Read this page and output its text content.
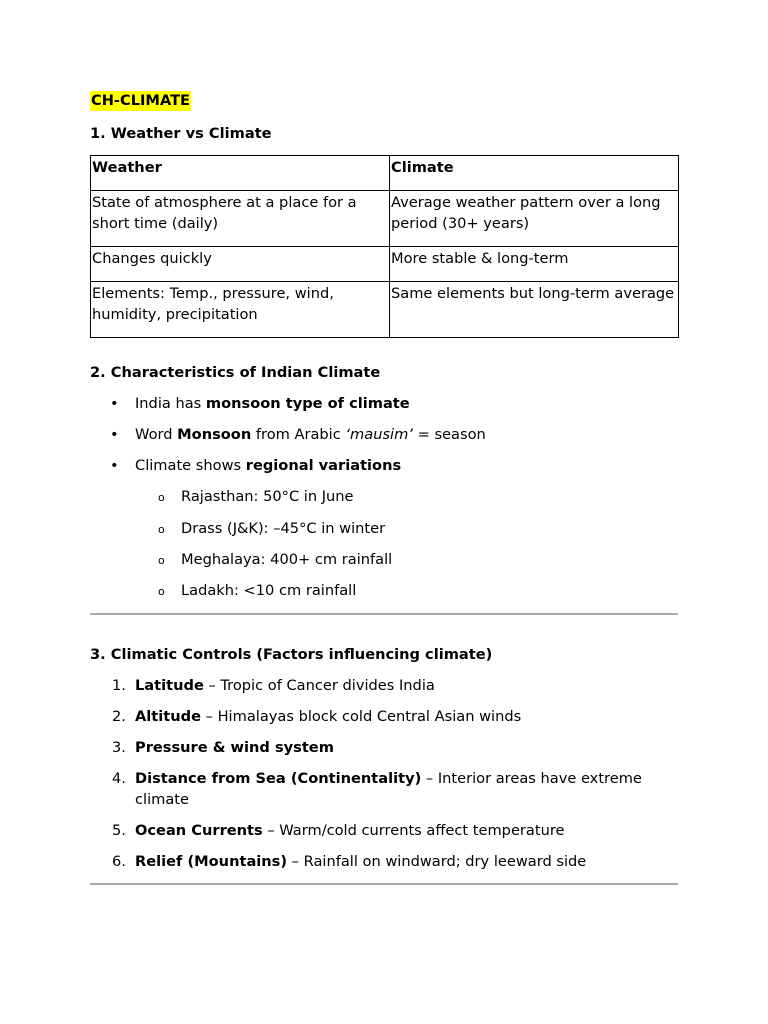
CH-CLIMATE
1. Weather vs Climate
Weather	Climate
State of atmosphere at a place for a short time (daily)	Average weather pattern over a long period (30+ years)
Changes quickly	More stable & long-term
Elements: Temp., pressure, wind, humidity, precipitation	Same elements but long-term average
2. Characteristics of Indian Climate
• India has monsoon type of climate
• Word Monsoon from Arabic ‘mausim’ = season
• Climate shows regional variations
o Rajasthan: 50°C in June
o Drass (J&K): –45°C in winter
o Meghalaya: 400+ cm rainfall
o Ladakh: <10 cm rainfall
3. Climatic Controls (Factors influencing climate)
1. Latitude – Tropic of Cancer divides India
2. Altitude – Himalayas block cold Central Asian winds
3. Pressure & wind system
4. Distance from Sea (Continentality) – Interior areas have extreme climate
5. Ocean Currents – Warm/cold currents affect temperature
6. Relief (Mountains) – Rainfall on windward; dry leeward side
